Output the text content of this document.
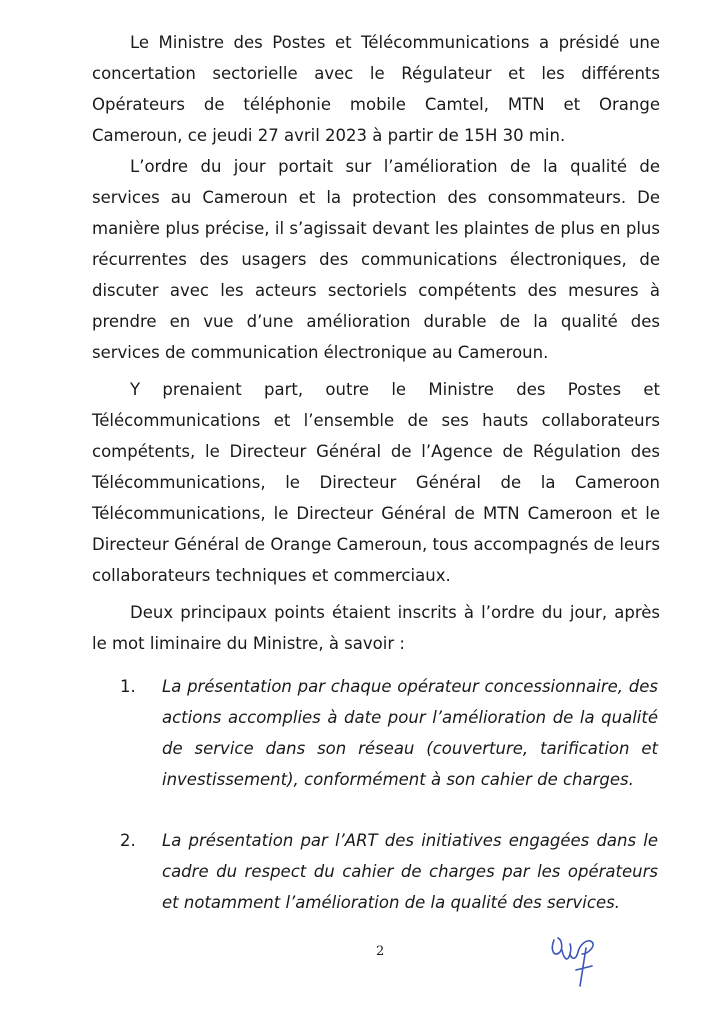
Le Ministre des Postes et Télécommunications a présidé une concertation sectorielle avec le Régulateur et les différents Opérateurs de téléphonie mobile Camtel, MTN et Orange Cameroun, ce jeudi 27 avril 2023 à partir de 15H 30 min.

L’ordre du jour portait sur l’amélioration de la qualité de services au Cameroun et la protection des consommateurs. De manière plus précise, il s’agissait devant les plaintes de plus en plus récurrentes des usagers des communications électroniques, de discuter avec les acteurs sectoriels compétents des mesures à prendre en vue d’une amélioration durable de la qualité des services de communication électronique au Cameroun.

Y prenaient part, outre le Ministre des Postes et Télécommunications et l’ensemble de ses hauts collaborateurs compétents, le Directeur Général de l’Agence de Régulation des Télécommunications, le Directeur Général de la Cameroon Télécommunications, le Directeur Général de MTN Cameroon et le Directeur Général de Orange Cameroun, tous accompagnés de leurs collaborateurs techniques et commerciaux.

Deux principaux points étaient inscrits à l’ordre du jour, après le mot liminaire du Ministre, à savoir :

1. La présentation par chaque opérateur concessionnaire, des actions accomplies à date pour l’amélioration de la qualité de service dans son réseau (couverture, tarification et investissement), conformément à son cahier de charges.

2. La présentation par l’ART des initiatives engagées dans le cadre du respect du cahier de charges par les opérateurs et notamment l’amélioration de la qualité des services.

2
